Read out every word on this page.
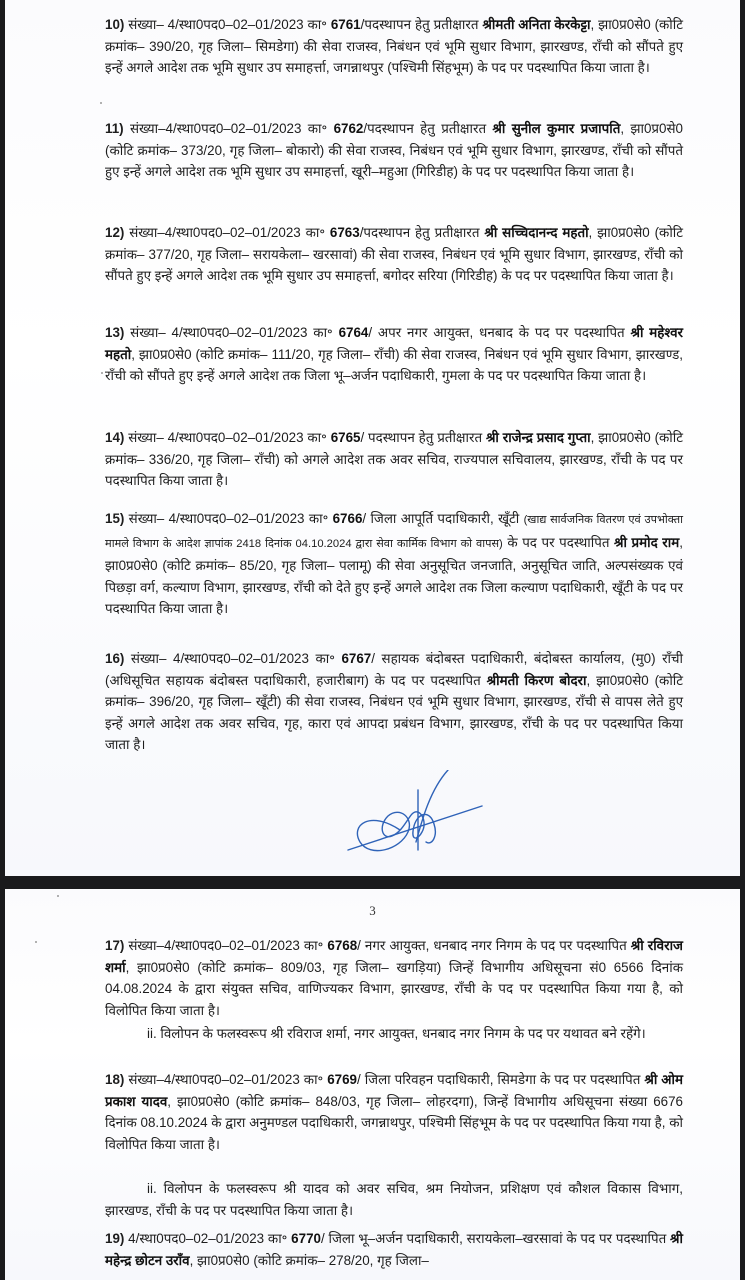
10) संख्या– 4/स्था0पद0–02–01/2023 का॰ 6761/पदस्थापन हेतु प्रतीक्षारत श्रीमती अनिता केरकेट्टा, झा0प्र0से0 (कोटि क्रमांक– 390/20, गृह जिला– सिमडेगा) की सेवा राजस्व, निबंधन एवं भूमि सुधार विभाग, झारखण्ड, राँची को सौंपते हुए इन्हें अगले आदेश तक भूमि सुधार उप समाहर्त्ता, जगन्नाथपुर (पश्चिमी सिंहभूम) के पद पर पदस्थापित किया जाता है।

11) संख्या–4/स्था0पद0–02–01/2023 का॰ 6762/पदस्थापन हेतु प्रतीक्षारत श्री सुनील कुमार प्रजापति, झा0प्र0से0 (कोटि क्रमांक– 373/20, गृह जिला– बोकारो) की सेवा राजस्व, निबंधन एवं भूमि सुधार विभाग, झारखण्ड, रॉंची को सौंपते हुए इन्हें अगले आदेश तक भूमि सुधार उप समाहर्त्ता, खूरी–महुआ (गिरिडीह) के पद पर पदस्थापित किया जाता है।

12) संख्या–4/स्था0पद0–02–01/2023 का॰ 6763/पदस्थापन हेतु प्रतीक्षारत श्री सच्चिदानन्द महतो, झा0प्र0से0 (कोटि क्रमांक– 377/20, गृह जिला– सरायकेला– खरसावां) की सेवा राजस्व, निबंधन एवं भूमि सुधार विभाग, झारखण्ड, राँची को सौंपते हुए इन्हें अगले आदेश तक भूमि सुधार उप समाहर्त्ता, बगोदर सरिया (गिरिडीह) के पद पर पदस्थापित किया जाता है।

13) संख्या– 4/स्था0पद0–02–01/2023 का॰ 6764/ अपर नगर आयुक्त, धनबाद के पद पर पदस्थापित श्री महेश्वर महतो, झा0प्र0से0 (कोटि क्रमांक– 111/20, गृह जिला– राँची) की सेवा राजस्व, निबंधन एवं भूमि सुधार विभाग, झारखण्ड, राँची को सौंपते हुए इन्हें अगले आदेश तक जिला भू–अर्जन पदाधिकारी, गुमला के पद पर पदस्थापित किया जाता है।

14) संख्या– 4/स्था0पद0–02–01/2023 का॰ 6765/ पदस्थापन हेतु प्रतीक्षारत श्री राजेन्द्र प्रसाद गुप्ता, झा0प्र0से0 (कोटि क्रमांक– 336/20, गृह जिला– राँची) को अगले आदेश तक अवर सचिव, राज्यपाल सचिवालय, झारखण्ड, राँची के पद पर पदस्थापित किया जाता है।

15) संख्या– 4/स्था0पद0–02–01/2023 का॰ 6766/ जिला आपूर्ति पदाधिकारी, खूँटी (खाद्य सार्वजनिक वितरण एवं उपभोक्ता मामले विभाग के आदेश ज्ञापांक 2418 दिनांक 04.10.2024 द्वारा सेवा कार्मिक विभाग को वापस) के पद पर पदस्थापित श्री प्रमोद राम, झा0प्र0से0 (कोटि क्रमांक– 85/20, गृह जिला– पलामू) की सेवा अनुसूचित जनजाति, अनुसूचित जाति, अल्पसंख्यक एवं पिछड़ा वर्ग, कल्याण विभाग, झारखण्ड, राँची को देते हुए इन्हें अगले आदेश तक जिला कल्याण पदाधिकारी, खूँटी के पद पर पदस्थापित किया जाता है।

16) संख्या– 4/स्था0पद0–02–01/2023 का॰ 6767/ सहायक बंदोबस्त पदाधिकारी, बंदोबस्त कार्यालय, (मु0) राँची (अधिसूचित सहायक बंदोबस्त पदाधिकारी, हजारीबाग) के पद पर पदस्थापित श्रीमती किरण बोदरा, झा0प्र0से0 (कोटि क्रमांक– 396/20, गृह जिला– खूँटी) की सेवा राजस्व, निबंधन एवं भूमि सुधार विभाग, झारखण्ड, राँची से वापस लेते हुए इन्हें अगले आदेश तक अवर सचिव, गृह, कारा एवं आपदा प्रबंधन विभाग, झारखण्ड, राँची के पद पर पदस्थापित किया जाता है।

3

17) संख्या–4/स्था0पद0–02–01/2023 का॰ 6768/ नगर आयुक्त, धनबाद नगर निगम के पद पर पदस्थापित श्री रविराज शर्मा, झा0प्र0से0 (कोटि क्रमांक– 809/03, गृह जिला– खगड़िया) जिन्हें विभागीय अधिसूचना सं0 6566 दिनांक 04.08.2024 के द्वारा संयुक्त सचिव, वाणिज्यकर विभाग, झारखण्ड, राँची के पद पर पदस्थापित किया गया है, को विलोपित किया जाता है।

ii. विलोपन के फलस्वरूप श्री रविराज शर्मा, नगर आयुक्त, धनबाद नगर निगम के पद पर यथावत बने रहेंगे।

18) संख्या–4/स्था0पद0–02–01/2023 का॰ 6769/ जिला परिवहन पदाधिकारी, सिमडेगा के पद पर पदस्थापित श्री ओम प्रकाश यादव, झा0प्र0से0 (कोटि क्रमांक– 848/03, गृह जिला– लोहरदगा), जिन्हें विभागीय अधिसूचना संख्या 6676 दिनांक 08.10.2024 के द्वारा अनुमण्डल पदाधिकारी, जगन्नाथपुर, पश्चिमी सिंहभूम के पद पर पदस्थापित किया गया है, को विलोपित किया जाता है।

ii. विलोपन के फलस्वरूप श्री यादव को अवर सचिव, श्रम नियोजन, प्रशिक्षण एवं कौशल विकास विभाग, झारखण्ड, राँची के पद पर पदस्थापित किया जाता है।

19) 4/स्था0पद0–02–01/2023 का॰ 6770/ जिला भू–अर्जन पदाधिकारी, सरायकेला–खरसावां के पद पर पदस्थापित श्री महेन्द्र छोटन उराँव, झा0प्र0से0 (कोटि क्रमांक– 278/20, गृह जिला–
